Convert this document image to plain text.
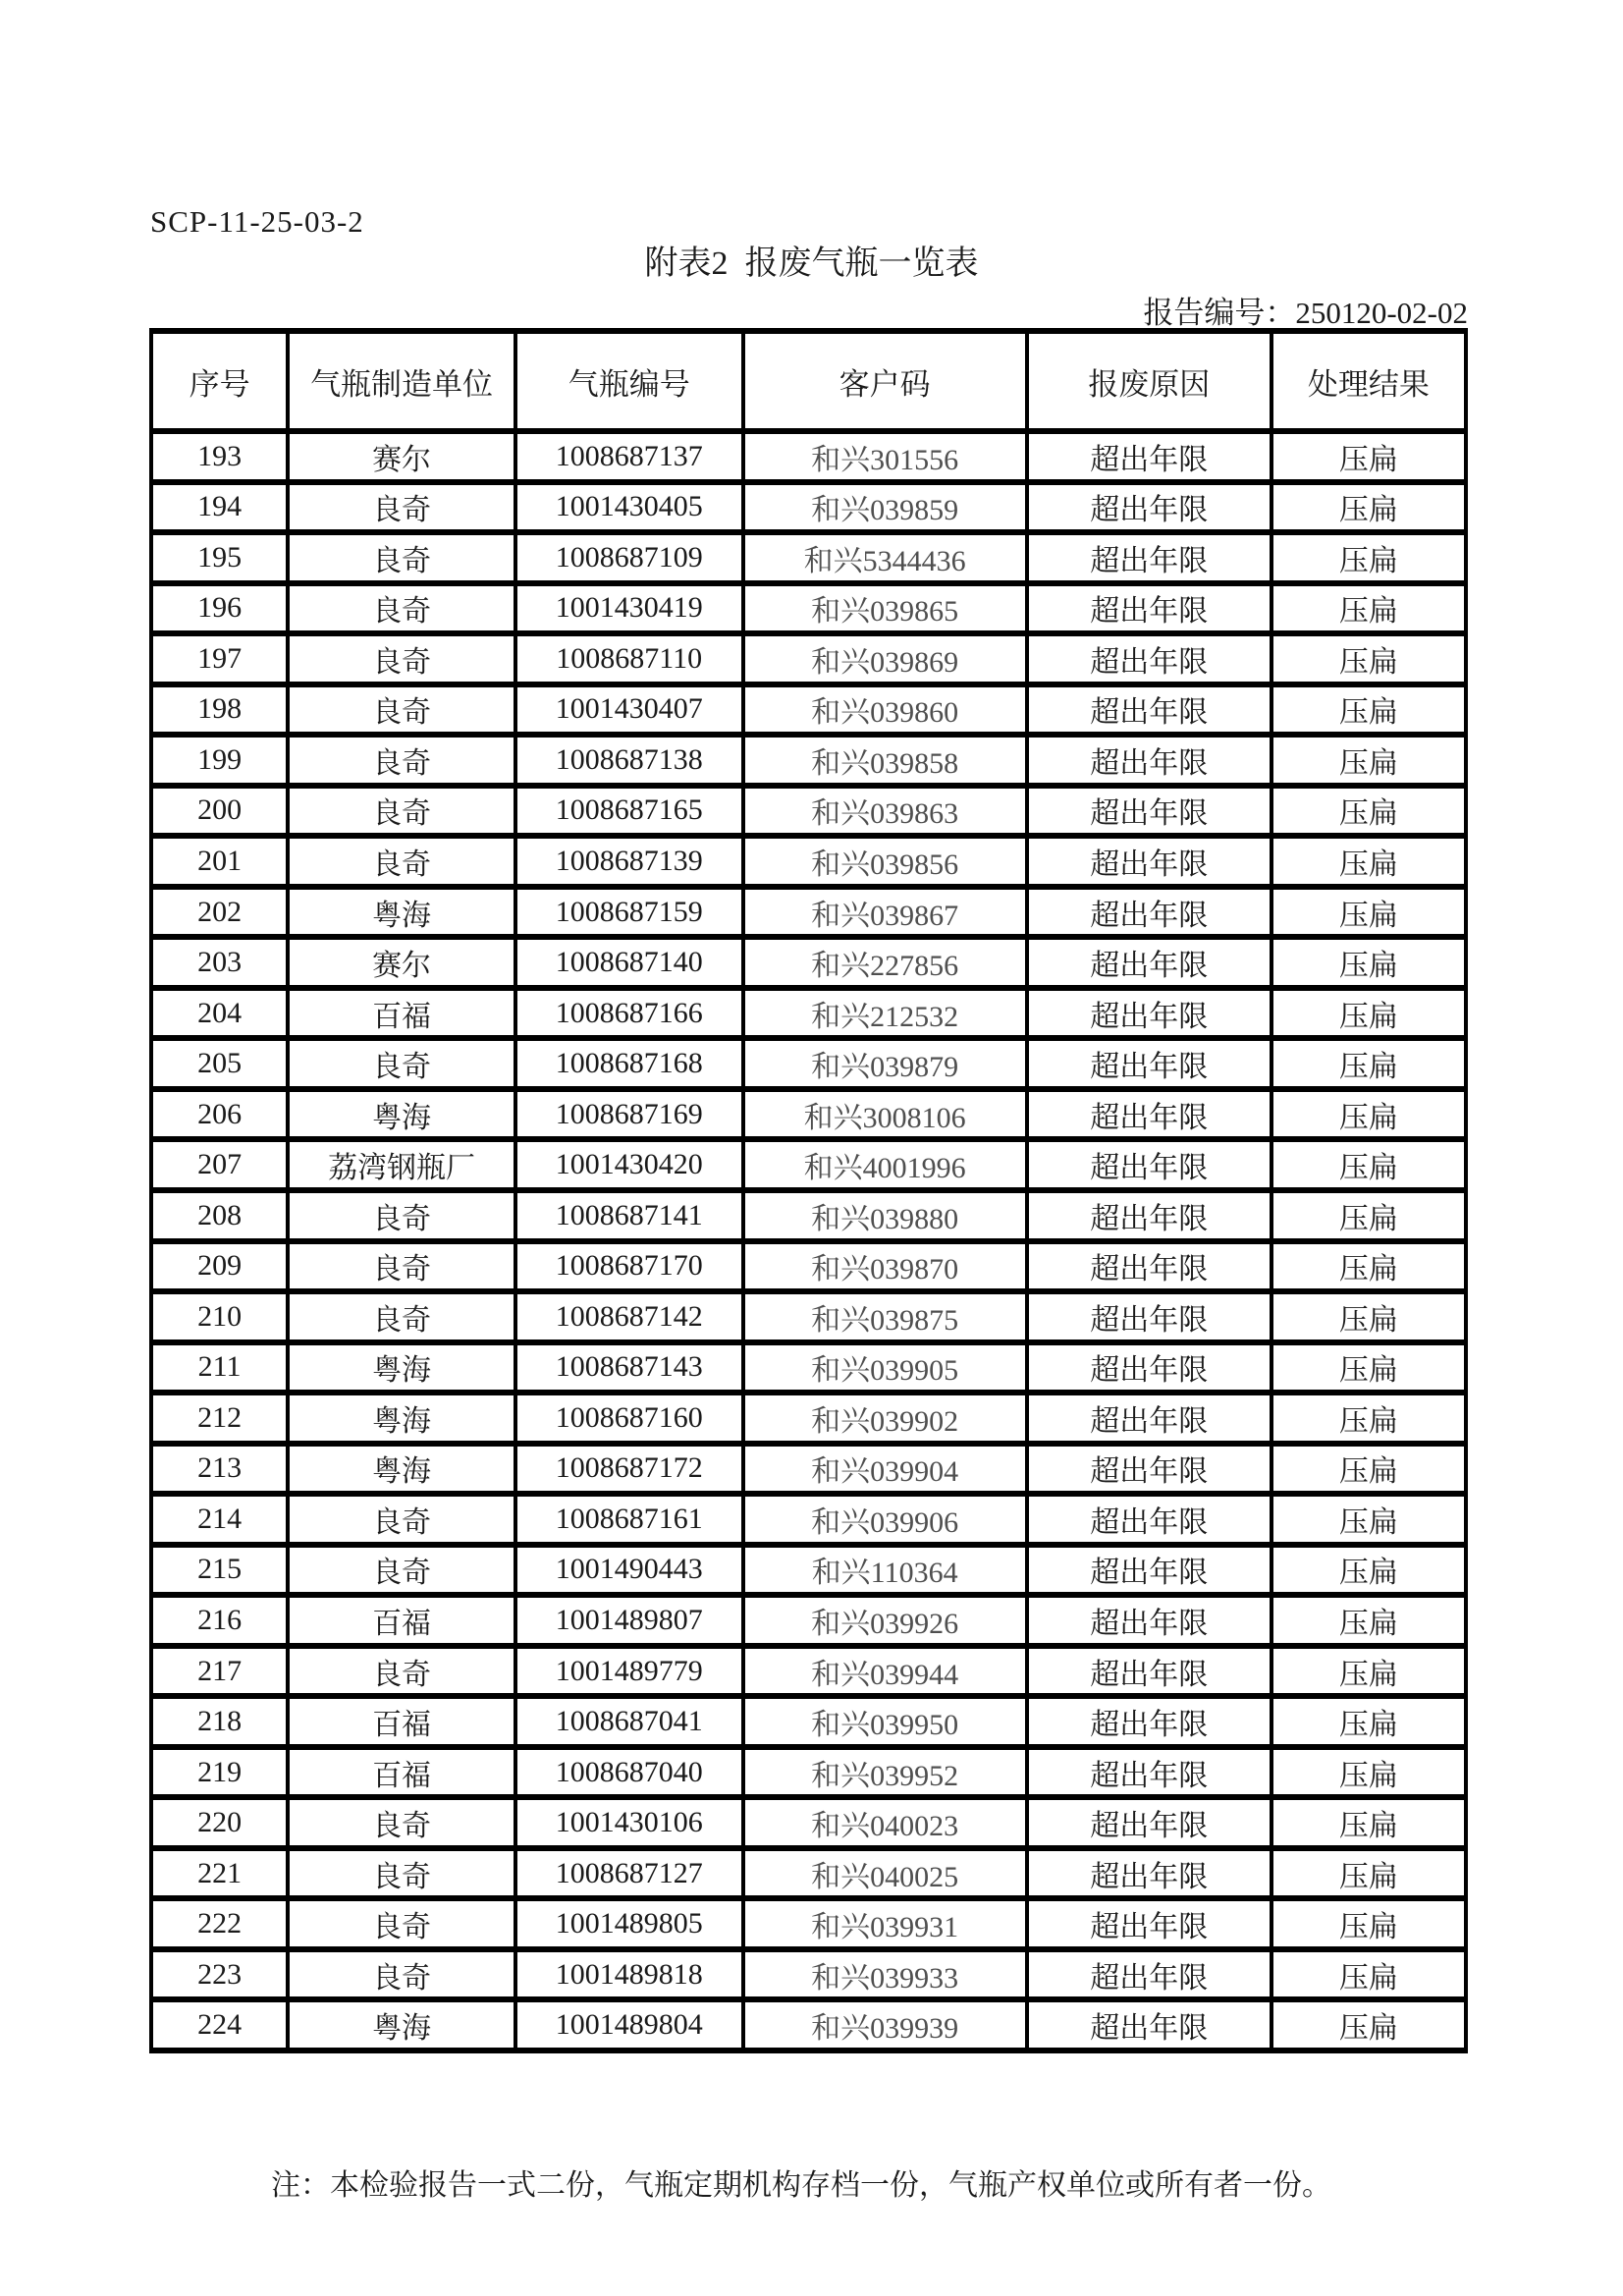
SCP-11-25-03-2
附表2  报废气瓶一览表
报告编号：250120-02-02
序号	气瓶制造单位	气瓶编号	客户码	报废原因	处理结果
193	赛尔	1008687137	和兴301556	超出年限	压扁
194	良奇	1001430405	和兴039859	超出年限	压扁
195	良奇	1008687109	和兴5344436	超出年限	压扁
196	良奇	1001430419	和兴039865	超出年限	压扁
197	良奇	1008687110	和兴039869	超出年限	压扁
198	良奇	1001430407	和兴039860	超出年限	压扁
199	良奇	1008687138	和兴039858	超出年限	压扁
200	良奇	1008687165	和兴039863	超出年限	压扁
201	良奇	1008687139	和兴039856	超出年限	压扁
202	粤海	1008687159	和兴039867	超出年限	压扁
203	赛尔	1008687140	和兴227856	超出年限	压扁
204	百福	1008687166	和兴212532	超出年限	压扁
205	良奇	1008687168	和兴039879	超出年限	压扁
206	粤海	1008687169	和兴3008106	超出年限	压扁
207	荔湾钢瓶厂	1001430420	和兴4001996	超出年限	压扁
208	良奇	1008687141	和兴039880	超出年限	压扁
209	良奇	1008687170	和兴039870	超出年限	压扁
210	良奇	1008687142	和兴039875	超出年限	压扁
211	粤海	1008687143	和兴039905	超出年限	压扁
212	粤海	1008687160	和兴039902	超出年限	压扁
213	粤海	1008687172	和兴039904	超出年限	压扁
214	良奇	1008687161	和兴039906	超出年限	压扁
215	良奇	1001490443	和兴110364	超出年限	压扁
216	百福	1001489807	和兴039926	超出年限	压扁
217	良奇	1001489779	和兴039944	超出年限	压扁
218	百福	1008687041	和兴039950	超出年限	压扁
219	百福	1008687040	和兴039952	超出年限	压扁
220	良奇	1001430106	和兴040023	超出年限	压扁
221	良奇	1008687127	和兴040025	超出年限	压扁
222	良奇	1001489805	和兴039931	超出年限	压扁
223	良奇	1001489818	和兴039933	超出年限	压扁
224	粤海	1001489804	和兴039939	超出年限	压扁
注：本检验报告一式二份，气瓶定期机构存档一份，气瓶产权单位或所有者一份。
